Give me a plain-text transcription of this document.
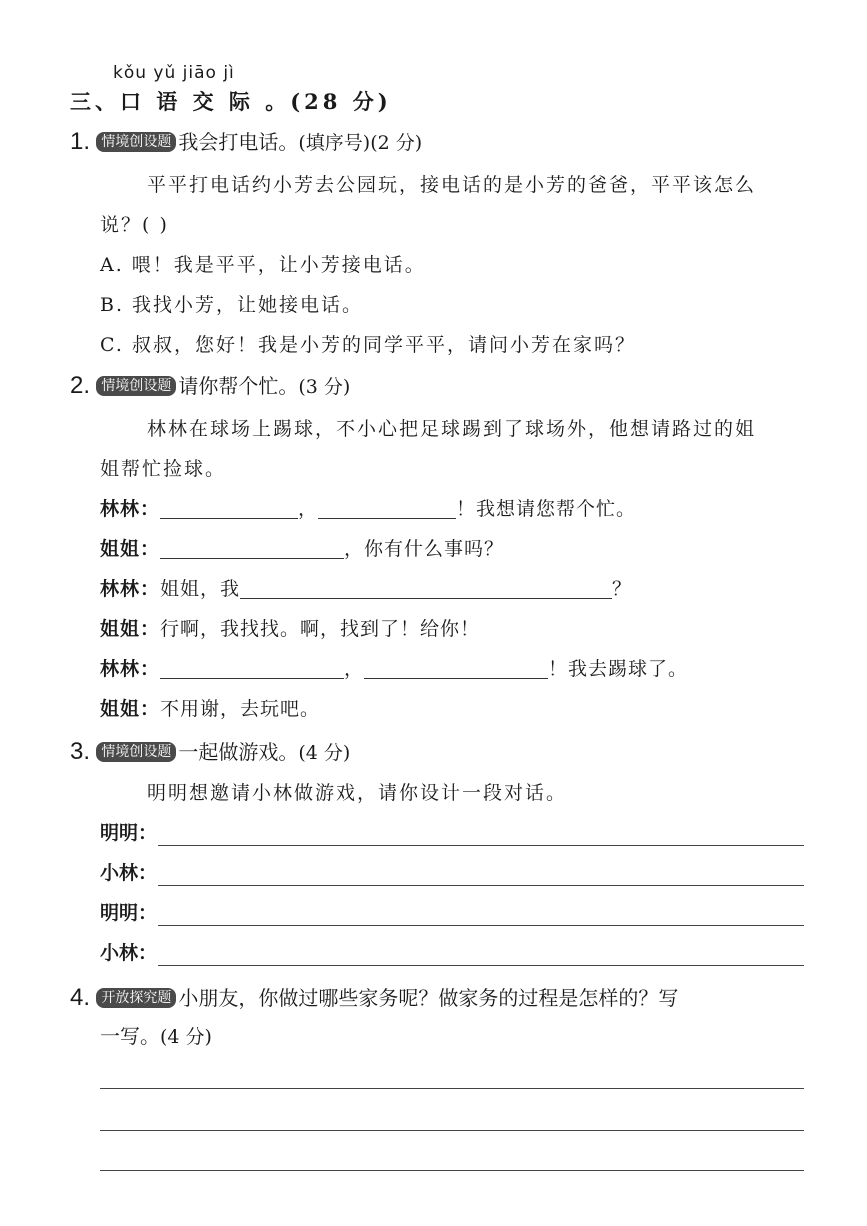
kǒu yǔ jiāo jì
三、口 语 交 际 。(28 分)
1. 情境创设题 我会打电话。(填序号)(2 分)
平平打电话约小芳去公园玩，接电话的是小芳的爸爸，平平该怎么
说？( )
A. 喂！我是平平，让小芳接电话。
B. 我找小芳，让她接电话。
C. 叔叔，您好！我是小芳的同学平平，请问小芳在家吗？
2. 情境创设题 请你帮个忙。(3 分)
林林在球场上踢球，不小心把足球踢到了球场外，他想请路过的姐
姐帮忙捡球。
林林：	，	！我想请您帮个忙。
姐姐：	，你有什么事吗？
林林：姐姐，我	？
姐姐：行啊，我找找。啊，找到了！给你！
林林：	，	！我去踢球了。
姐姐：不用谢，去玩吧。
3. 情境创设题 一起做游戏。(4 分)
明明想邀请小林做游戏，请你设计一段对话。
明明：
小林：
明明：
小林：
4. 开放探究题 小朋友，你做过哪些家务呢？做家务的过程是怎样的？写
一写。(4 分)
